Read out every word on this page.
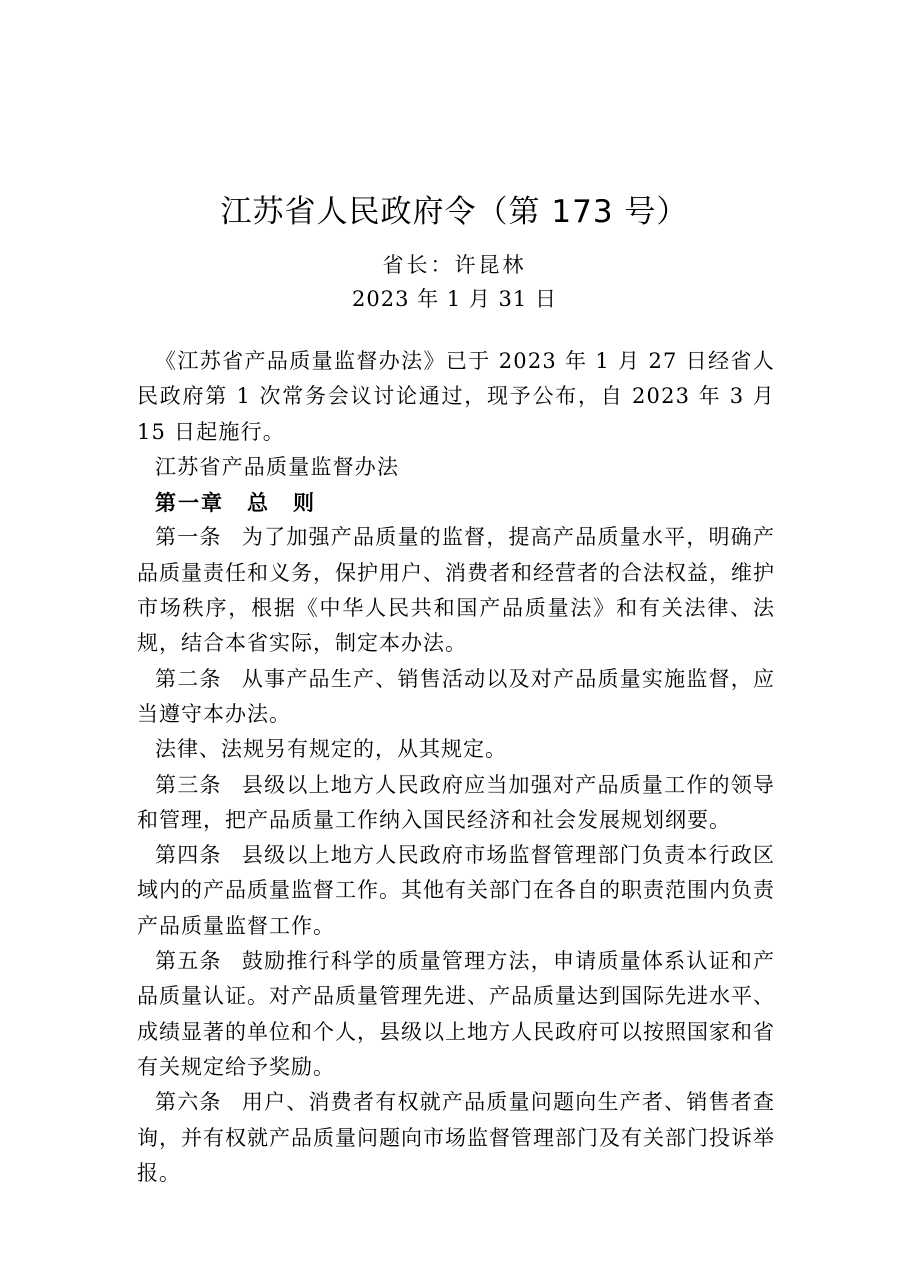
江苏省人民政府令（第 173 号）
省长：许昆林
2023 年 1 月 31 日

《江苏省产品质量监督办法》已于 2023 年 1 月 27 日经省人民政府第 1 次常务会议讨论通过，现予公布，自 2023 年 3 月 15 日起施行。

江苏省产品质量监督办法

第一章　总　则

第一条 为了加强产品质量的监督，提高产品质量水平，明确产品质量责任和义务，保护用户、消费者和经营者的合法权益，维护市场秩序，根据《中华人民共和国产品质量法》和有关法律、法规，结合本省实际，制定本办法。

第二条 从事产品生产、销售活动以及对产品质量实施监督，应当遵守本办法。

法律、法规另有规定的，从其规定。

第三条 县级以上地方人民政府应当加强对产品质量工作的领导和管理，把产品质量工作纳入国民经济和社会发展规划纲要。

第四条 县级以上地方人民政府市场监督管理部门负责本行政区域内的产品质量监督工作。其他有关部门在各自的职责范围内负责产品质量监督工作。

第五条 鼓励推行科学的质量管理方法，申请质量体系认证和产品质量认证。对产品质量管理先进、产品质量达到国际先进水平、成绩显著的单位和个人，县级以上地方人民政府可以按照国家和省有关规定给予奖励。

第六条 用户、消费者有权就产品质量问题向生产者、销售者查询，并有权就产品质量问题向市场监督管理部门及有关部门投诉举报。
